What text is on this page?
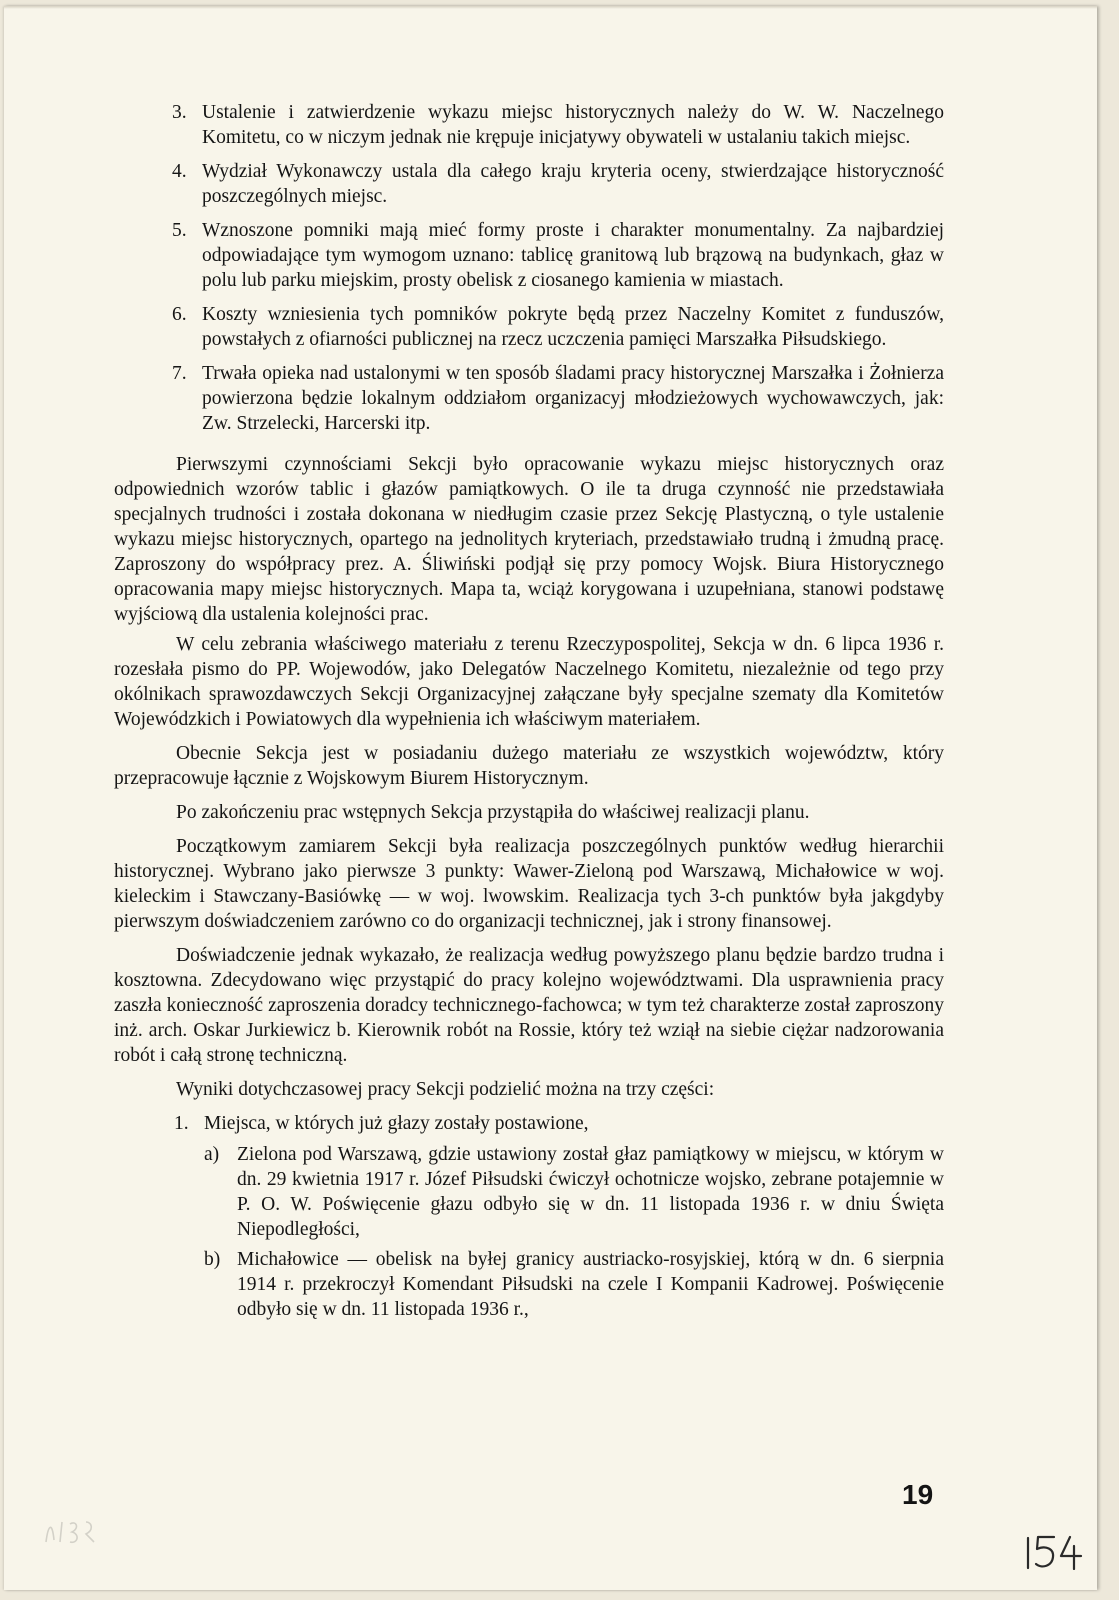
3. Ustalenie i zatwierdzenie wykazu miejsc historycznych należy do W. W. Naczelnego Komitetu, co w niczym jednak nie krępuje inicjatywy obywateli w ustalaniu takich miejsc.
4. Wydział Wykonawczy ustala dla całego kraju kryteria oceny, stwierdzające historyczność poszczególnych miejsc.
5. Wznoszone pomniki mają mieć formy proste i charakter monumentalny. Za najbardziej odpowiadające tym wymogom uznano: tablicę granitową lub brązową na budynkach, głaz w polu lub parku miejskim, prosty obelisk z ciosanego kamienia w miastach.
6. Koszty wzniesienia tych pomników pokryte będą przez Naczelny Komitet z funduszów, powstałych z ofiarności publicznej na rzecz uczczenia pamięci Marszałka Piłsudskiego.
7. Trwała opieka nad ustalonymi w ten sposób śladami pracy historycznej Marszałka i Żołnierza powierzona będzie lokalnym oddziałom organizacyj młodzieżowych wychowawczych, jak: Zw. Strzelecki, Harcerski itp.

Pierwszymi czynnościami Sekcji było opracowanie wykazu miejsc historycznych oraz odpowiednich wzorów tablic i głazów pamiątkowych. O ile ta druga czynność nie przedstawiała specjalnych trudności i została dokonana w niedługim czasie przez Sekcję Plastyczną, o tyle ustalenie wykazu miejsc historycznych, opartego na jednolitych kryteriach, przedstawiało trudną i żmudną pracę. Zaproszony do współpracy prez. A. Śliwiński podjął się przy pomocy Wojsk. Biura Historycznego opracowania mapy miejsc historycznych. Mapa ta, wciąż korygowana i uzupełniana, stanowi podstawę wyjściową dla ustalenia kolejności prac.

W celu zebrania właściwego materiału z terenu Rzeczypospolitej, Sekcja w dn. 6 lipca 1936 r. rozesłała pismo do PP. Wojewodów, jako Delegatów Naczelnego Komitetu, niezależnie od tego przy okólnikach sprawozdawczych Sekcji Organizacyjnej załączane były specjalne szematy dla Komitetów Wojewódzkich i Powiatowych dla wypełnienia ich właściwym materiałem.

Obecnie Sekcja jest w posiadaniu dużego materiału ze wszystkich województw, który przepracowuje łącznie z Wojskowym Biurem Historycznym.

Po zakończeniu prac wstępnych Sekcja przystąpiła do właściwej realizacji planu.

Początkowym zamiarem Sekcji była realizacja poszczególnych punktów według hierarchii historycznej. Wybrano jako pierwsze 3 punkty: Wawer-Zieloną pod Warszawą, Michałowice w woj. kieleckim i Stawczany-Basiówkę — w woj. lwowskim. Realizacja tych 3-ch punktów była jakgdyby pierwszym doświadczeniem zarówno co do organizacji technicznej, jak i strony finansowej.

Doświadczenie jednak wykazało, że realizacja według powyższego planu będzie bardzo trudna i kosztowna. Zdecydowano więc przystąpić do pracy kolejno województwami. Dla usprawnienia pracy zaszła konieczność zaproszenia doradcy technicznego-fachowca; w tym też charakterze został zaproszony inż. arch. Oskar Jurkiewicz b. Kierownik robót na Rossie, który też wziął na siebie ciężar nadzorowania robót i całą stronę techniczną.

Wyniki dotychczasowej pracy Sekcji podzielić można na trzy części:

1. Miejsca, w których już głazy zostały postawione,
a) Zielona pod Warszawą, gdzie ustawiony został głaz pamiątkowy w miejscu, w którym w dn. 29 kwietnia 1917 r. Józef Piłsudski ćwiczył ochotnicze wojsko, zebrane potajemnie w P. O. W. Poświęcenie głazu odbyło się w dn. 11 listopada 1936 r. w dniu Święta Niepodległości,
b) Michałowice — obelisk na byłej granicy austriacko-rosyjskiej, którą w dn. 6 sierpnia 1914 r. przekroczył Komendant Piłsudski na czele I Kompanii Kadrowej. Poświęcenie odbyło się w dn. 11 listopada 1936 r.,
19
